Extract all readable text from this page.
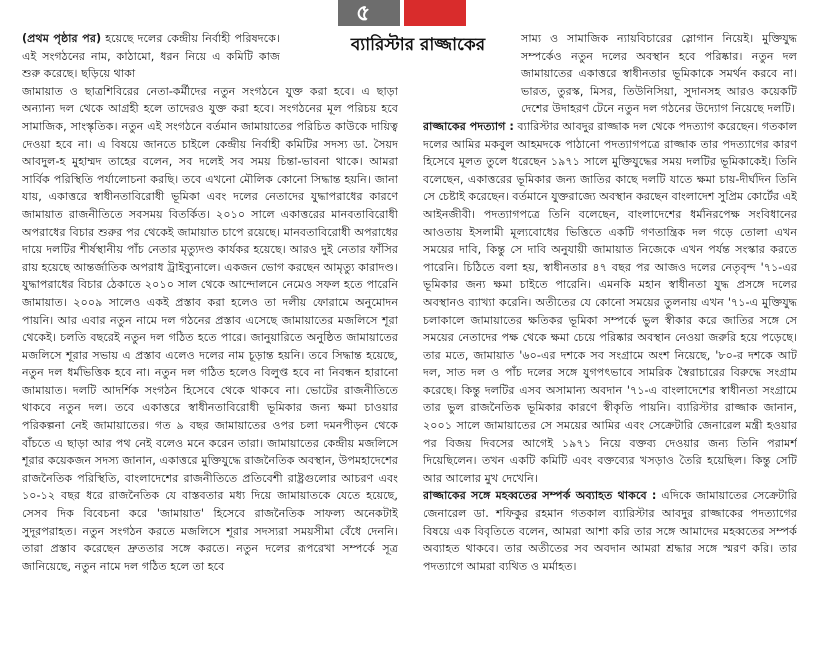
৫
(প্রথম পৃষ্ঠার পর) হয়েছে দলের কেন্দ্রীয় নির্বাহী পরিষদকে। এই সংগঠনের নাম, কাঠামো, ধরন নিয়ে এ কমিটি কাজ শুরু করেছে। ছড়িয়ে থাকা
জামায়াত ও ছাত্রশিবিরের নেতা-কর্মীদের নতুন সংগঠনে যুক্ত করা হবে। এ ছাড়া অন্যান্য দল থেকে আগ্রহী হলে তাদেরও যুক্ত করা হবে। সংগঠনের মূল পরিচয় হবে সামাজিক, সাংস্কৃতিক। নতুন এই সংগঠনে বর্তমান জামায়াতের পরিচিত কাউকে দায়িত্ব দেওয়া হবে না। এ বিষয়ে জানতে চাইলে কেন্দ্রীয় নির্বাহী কমিটির সদস্য ডা. সৈয়দ আবদুল-হ মুহাম্মদ তাহের বলেন, সব দলেই সব সময় চিন্তা-ভাবনা থাকে। আমরা সার্বিক পরিস্থিতি পর্যালোচনা করছি। তবে এখনো মৌলিক কোনো সিদ্ধান্ত হয়নি। জানা যায়, একাত্তরে স্বাধীনতাবিরোধী ভূমিকা এবং দলের নেতাদের যুদ্ধাপরাধের কারণে জামায়াত রাজনীতিতে সবসময় বিতর্কিত। ২০১০ সালে একাত্তরের মানবতাবিরোধী অপরাধের বিচার শুরুর পর থেকেই জামায়াত চাপে রয়েছে। মানবতাবিরোধী অপরাধের দায়ে দলটির শীর্ষস্থানীয় পাঁচ নেতার মৃত্যুদণ্ড কার্যকর হয়েছে। আরও দুই নেতার ফাঁসির রায় হয়েছে আন্তর্জাতিক অপরাধ ট্রাইব্যুনালে। একজন ভোগ করছেন আমৃত্যু কারাদণ্ড। যুদ্ধাপরাধের বিচার ঠেকাতে ২০১০ সাল থেকে আন্দোলনে নেমেও সফল হতে পারেনি জামায়াত। ২০০৯ সালেও একই প্রস্তাব করা হলেও তা দলীয় ফোরামে অনুমোদন পায়নি। আর এবার নতুন নামে দল গঠনের প্রস্তাব এসেছে জামায়াতের মজলিসে শূরা থেকেই। চলতি বছরেই নতুন দল গঠিত হতে পারে। জানুয়ারিতে অনুষ্ঠিত জামায়াতের মজলিসে শূরার সভায় এ প্রস্তাব এলেও দলের নাম চূড়ান্ত হয়নি। তবে সিদ্ধান্ত হয়েছে, নতুন দল ধর্মভিত্তিক হবে না। নতুন দল গঠিত হলেও বিলুপ্ত হবে না নিবন্ধন হারানো জামায়াত। দলটি আদর্শিক সংগঠন হিসেবে থেকে থাকবে না। ভোটের রাজনীতিতে থাকবে নতুন দল। তবে একাত্তরে স্বাধীনতাবিরোধী ভূমিকার জন্য ক্ষমা চাওয়ার পরিকল্পনা নেই জামায়াতের। গত ৯ বছর জামায়াতের ওপর চলা দমনপীড়ন থেকে বাঁচতে এ ছাড়া আর পথ নেই বলেও মনে করেন তারা। জামায়াতের কেন্দ্রীয় মজলিসে শূরার কয়েকজন সদস্য জানান, একাত্তরে মুক্তিযুদ্ধে রাজনৈতিক অবস্থান, উপমহাদেশের রাজনৈতিক পরিস্থিতি, বাংলাদেশের রাজনীতিতে প্রতিবেশী রাষ্ট্রগুলোর আচরণ এবং ১০-১২ বছর ধরে রাজনৈতিক যে বাস্তবতার মধ্য দিয়ে জামায়াতকে যেতে হয়েছে, সেসব দিক বিবেচনা করে 'জামায়াত' হিসেবে রাজনৈতিক সাফল্য অনেকটাই সুদূরপরাহত। নতুন সংগঠন করতে মজলিসে শূরার সদস্যরা সময়সীমা বেঁধে দেননি। তারা প্রস্তাব করেছেন দ্রুততার সঙ্গে করতে। নতুন দলের রূপরেখা সম্পর্কে সূত্র জানিয়েছে, নতুন নামে দল গঠিত হলে তা হবে
সাম্য ও সামাজিক ন্যায়বিচারের স্লোগান নিয়েই। মুক্তিযুদ্ধ সম্পর্কেও নতুন দলের অবস্থান হবে পরিষ্কার। নতুন দল জামায়াতের একাত্তরে স্বাধীনতার ভূমিকাকে সমর্থন করবে না। ভারত, তুরস্ক, মিসর, তিউনিসিয়া, সুদানসহ আরও কয়েকটি দেশের উদাহরণ টেনে নতুন দল গঠনের উদ্যোগ নিয়েছে দলটি।
রাজ্জাকের পদত্যাগ : ব্যারিস্টার আবদুর রাজ্জাক দল থেকে পদত্যাগ করেছেন। গতকাল দলের আমির মকবুল আহমদকে পাঠানো পদত্যাগপত্রে রাজ্জাক তার পদত্যাগের কারণ হিসেবে মূলত তুলে ধরেছেন ১৯৭১ সালে মুক্তিযুদ্ধের সময় দলটির ভূমিকাকেই। তিনি বলেছেন, একাত্তরের ভূমিকার জন্য জাতির কাছে দলটি যাতে ক্ষমা চায়-দীর্ঘদিন তিনি সে চেষ্টাই করেছেন। বর্তমানে যুক্তরাজ্যে অবস্থান করছেন বাংলাদেশ সুপ্রিম কোর্টের এই আইনজীবী। পদত্যাগপত্রে তিনি বলেছেন, বাংলাদেশের ধর্মনিরপেক্ষ সংবিধানের আওতায় ইসলামী মূল্যবোধের ভিত্তিতে একটি গণতান্ত্রিক দল গড়ে তোলা এখন সময়ের দাবি, কিন্তু সে দাবি অনুযায়ী জামায়াত নিজেকে এখন পর্যন্ত সংস্কার করতে পারেনি। চিঠিতে বলা হয়, স্বাধীনতার ৪৭ বছর পর আজও দলের নেতৃবৃন্দ '৭১-এর ভূমিকার জন্য ক্ষমা চাইতে পারেনি। এমনকি মহান স্বাধীনতা যুদ্ধ প্রসঙ্গে দলের অবস্থানও ব্যাখ্যা করেনি। অতীতের যে কোনো সময়ের তুলনায় এখন '৭১-এ মুক্তিযুদ্ধ চলাকালে জামায়াতের ক্ষতিকর ভূমিকা সম্পর্কে ভুল স্বীকার করে জাতির সঙ্গে সে সময়ের নেতাদের পক্ষ থেকে ক্ষমা চেয়ে পরিষ্কার অবস্থান নেওয়া জরুরি হয়ে পড়েছে। তার মতে, জামায়াত '৬০-এর দশকে সব সংগ্রামে অংশ নিয়েছে, '৮০-র দশকে আট দল, সাত দল ও পাঁচ দলের সঙ্গে যুগপৎভাবে সামরিক স্বৈরাচারের বিরুদ্ধে সংগ্রাম করেছে। কিন্তু দলটির এসব অসামান্য অবদান '৭১-এ বাংলাদেশের স্বাধীনতা সংগ্রামে তার ভুল রাজনৈতিক ভূমিকার কারণে স্বীকৃতি পায়নি। ব্যারিস্টার রাজ্জাক জানান, ২০০১ সালে জামায়াতের সে সময়ের আমির এবং সেক্রেটারি জেনারেল মন্ত্রী হওয়ার পর বিজয় দিবসের আগেই ১৯৭১ নিয়ে বক্তব্য দেওয়ার জন্য তিনি পরামর্শ দিয়েছিলেন। তখন একটি কমিটি এবং বক্তব্যের খসড়াও তৈরি হয়েছিল। কিন্তু সেটি আর আলোর মুখ দেখেনি।
রাজ্জাকের সঙ্গে মহব্বতের সম্পর্ক অব্যাহত থাকবে : এদিকে জামায়াতের সেক্রেটারি জেনারেল ডা. শফিকুর রহমান গতকাল ব্যারিস্টার আবদুর রাজ্জাকের পদত্যাগের বিষয়ে এক বিবৃতিতে বলেন, আমরা আশা করি তার সঙ্গে আমাদের মহব্বতের সম্পর্ক অব্যাহত থাকবে। তার অতীতের সব অবদান আমরা শ্রদ্ধার সঙ্গে স্মরণ করি। তার পদত্যাগে আমরা ব্যথিত ও মর্মাহত।
ব্যারিস্টার রাজ্জাকের
